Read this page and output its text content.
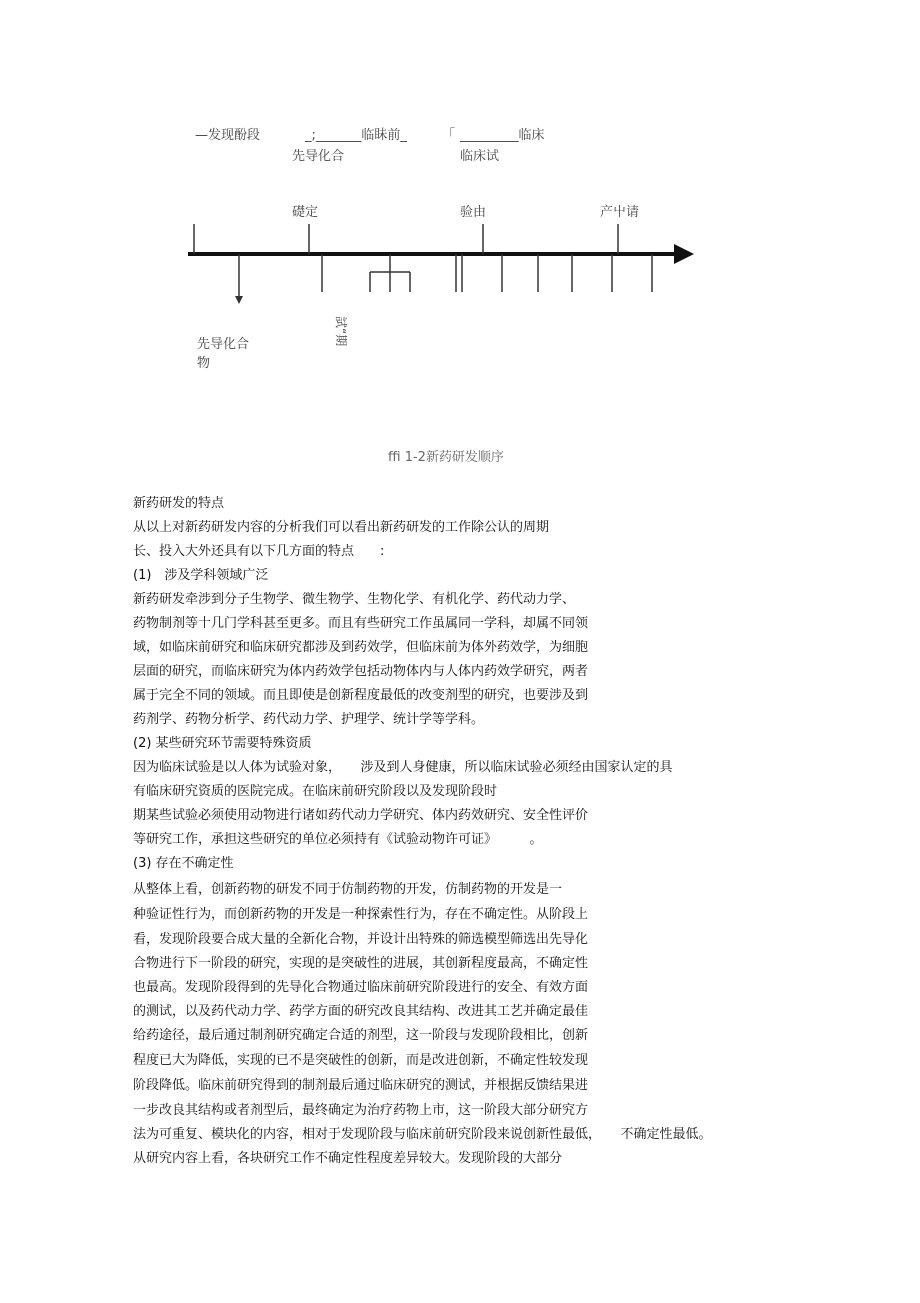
—发现酚段	_;_______临眛前_	「 _________临床
先导化合	临床试
礎定	验由	产屮请
先导化合
物
試“期
ffi 1-2新药研发顺序
新药研发的特点
从以上对新药研发内容的分析我们可以看出新药研发的工作除公认的周期
长、投入大外还具有以下几方面的特点　　:
(1)　涉及学科领域广泛
新药研发牵涉到分子生物学、微生物学、生物化学、有机化学、药代动力学、
药物制剂等十几门学科甚至更多。而且有些研究工作虽属同一学科，却属不同领
域，如临床前研究和临床研究都涉及到药效学，但临床前为体外药效学，为细胞
层面的研究，而临床研究为体内药效学包括动物体内与人体内药效学研究，两者
属于完全不同的领域。而且即使是创新程度最低的改变剂型的研究，也要涉及到
药剂学、药物分析学、药代动力学、护理学、统计学等学科。
(2) 某些研究环节需要特殊资质
因为临床试验是以人体为试验对象，　　涉及到人身健康，所以临床试验必须经由国家认定的具
有临床研究资质的医院完成。在临床前研究阶段以及发现阶段时
期某些试验必须使用动物进行诸如药代动力学研究、体内药效研究、安全性评价
等研究工作，承担这些研究的单位必须持有《试验动物许可证》　　　。
(3) 存在不确定性
从整体上看，创新药物的研发不同于仿制药物的开发，仿制药物的开发是一
种验证性行为，而创新药物的开发是一种探索性行为，存在不确定性。从阶段上
看，发现阶段要合成大量的全新化合物，并设计出特殊的筛选模型筛选出先导化
合物进行下一阶段的研究，实现的是突破性的进展，其创新程度最高，不确定性
也最高。发现阶段得到的先导化合物通过临床前研究阶段进行的安全、有效方面
的测试，以及药代动力学、药学方面的研究改良其结构、改进其工艺并确定最佳
给药途径，最后通过制剂研究确定合适的剂型，这一阶段与发现阶段相比，创新
程度已大为降低，实现的已不是突破性的创新，而是改进创新，不确定性较发现
阶段降低。临床前研究得到的制剂最后通过临床研究的测试，并根据反馈结果进
一步改良其结构或者剂型后，最终确定为治疗药物上市，这一阶段大部分研究方
法为可重复、模块化的内容，相对于发现阶段与临床前研究阶段来说创新性最低，　　不确定性最低。
从研究内容上看，各块研究工作不确定性程度差异较大。发现阶段的大部分
